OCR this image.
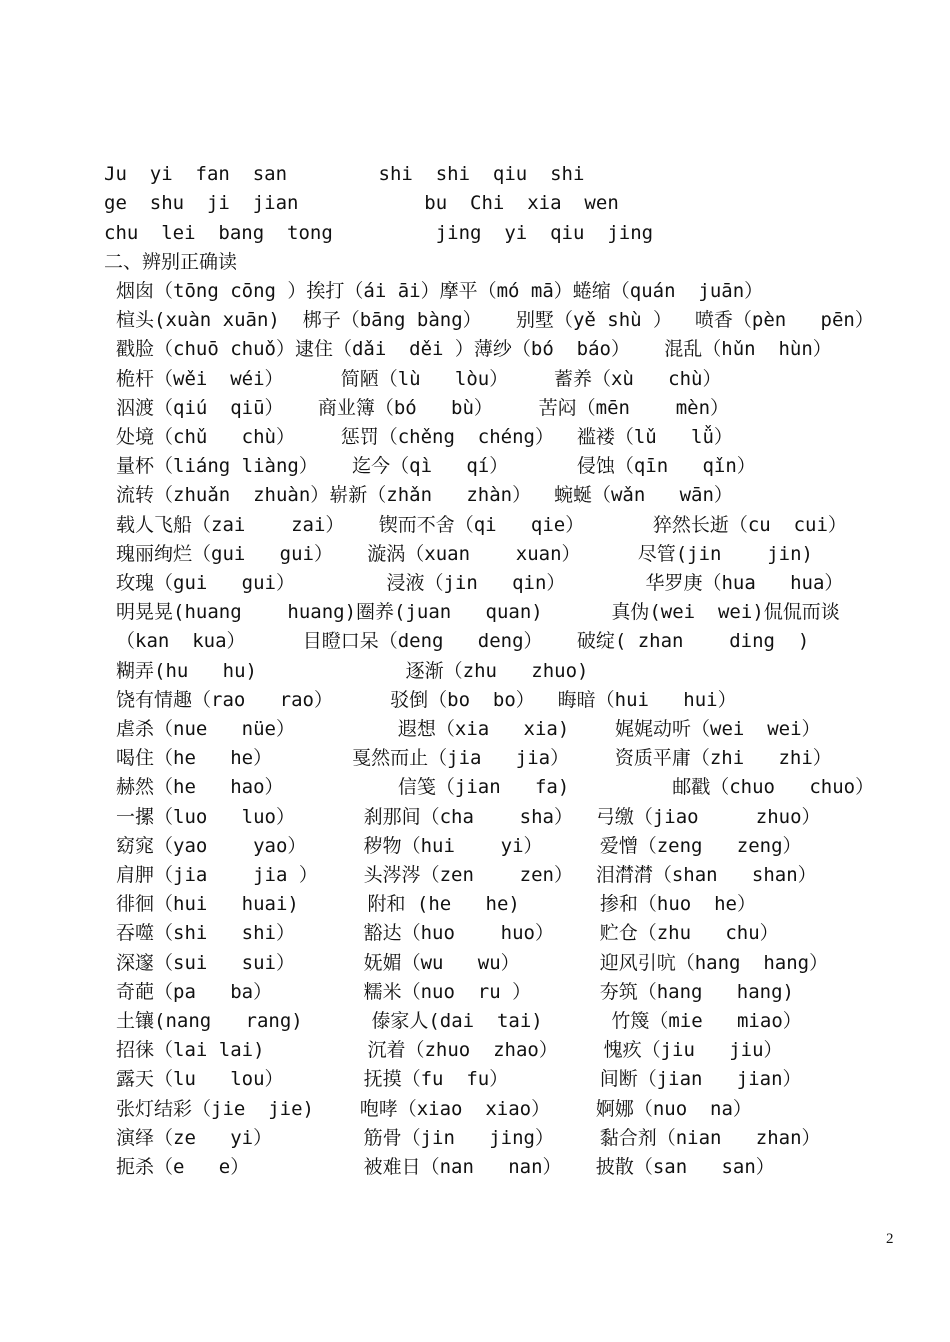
Ju  yi  fan  san        shi  shi  qiu  shi
ge  shu  ji  jian           bu  Chi  xia  wen
chu  lei  bang  tong         jing  yi  qiu  jing
二、辨别正确读
烟囱（tōng cōng ）挨打（ái āi）摩平（mó mā）蜷缩（quán  juān）
楦头(xuàn xuān)  梆子（bāng bàng）   别墅（yě shù ）  喷香（pèn   pēn）
戳脸（chuō chuǒ）逮住（dǎi  děi ）薄纱（bó  báo）   混乱（hǔn  hùn）
桅杆（wěi  wéi）     简陋（lù   lòu）    蓄养（xù   chù）
泅渡（qiú  qiū）   商业簿（bó   bù）    苦闷（mēn    mèn）
处境（chǔ   chù）    惩罚（chěng  chéng）  褴褛（lǔ   lǚ）
量杯（liáng liàng）   迄今（qì   qí）      侵蚀（qīn   qǐn）
流转（zhuǎn  zhuàn）崭新（zhǎn   zhàn）  蜿蜒（wǎn   wān）
载人飞船（zai    zai）   锲而不舍（qi   qie）      猝然长逝（cu  cui）
瑰丽绚烂（gui   gui）   漩涡（xuan    xuan）     尽管(jin    jin)
玫瑰（gui   gui）        浸液（jin   qin）       华罗庚（hua   hua）
明晃晃(huang    huang)圈养(juan   quan)      真伪(wei  wei)侃侃而谈
（kan  kua）     目瞪口呆（deng   deng）   破绽( zhan    ding  )
糊弄(hu   hu)             逐渐（zhu   zhuo)
饶有情趣（rao   rao）     驳倒（bo  bo）  晦暗（hui   hui）
虐杀（nue   nüe）         遐想（xia   xia)    娓娓动听（wei  wei）
喝住（he   he）       戛然而止（jia   jia）    资质平庸（zhi   zhi）
赫然（he   hao）          信笺（jian   fa)         邮戳（chuo   chuo）
一摞（luo   luo）      刹那间（cha    sha）  弓缴（jiao     zhuo）
窈窕（yao    yao）     秽物（hui    yi）     爱憎（zeng   zeng）
肩胛（jia    jia ）    头涔涔（zen    zen）  泪潸潸（shan   shan）
徘徊（hui   huai)      附和 (he   he)       掺和（huo  he）
吞噬（shi   shi）      豁达（huo    huo）    贮仓（zhu   chu）
深邃（sui   sui）      妩媚（wu   wu）       迎风引吭（hang  hang）
奇葩（pa   ba）        糯米（nuo  ru ）      夯筑（hang   hang)
土镶(nang   rang)      傣家人(dai  tai)      竹篾（mie   miao）
招徕（lai lai)         沉着（zhuo  zhao）    愧疚（jiu   jiu）
露天（lu   lou）       抚摸（fu  fu）        间断（jian   jian）
张灯结彩（jie  jie)    咆哮（xiao  xiao）    婀娜（nuo  na）
演绎（ze   yi）        筋骨（jin   jing）    黏合剂（nian   zhan）
扼杀（e   e）          被难日（nan   nan）   披散（san   san）
2
